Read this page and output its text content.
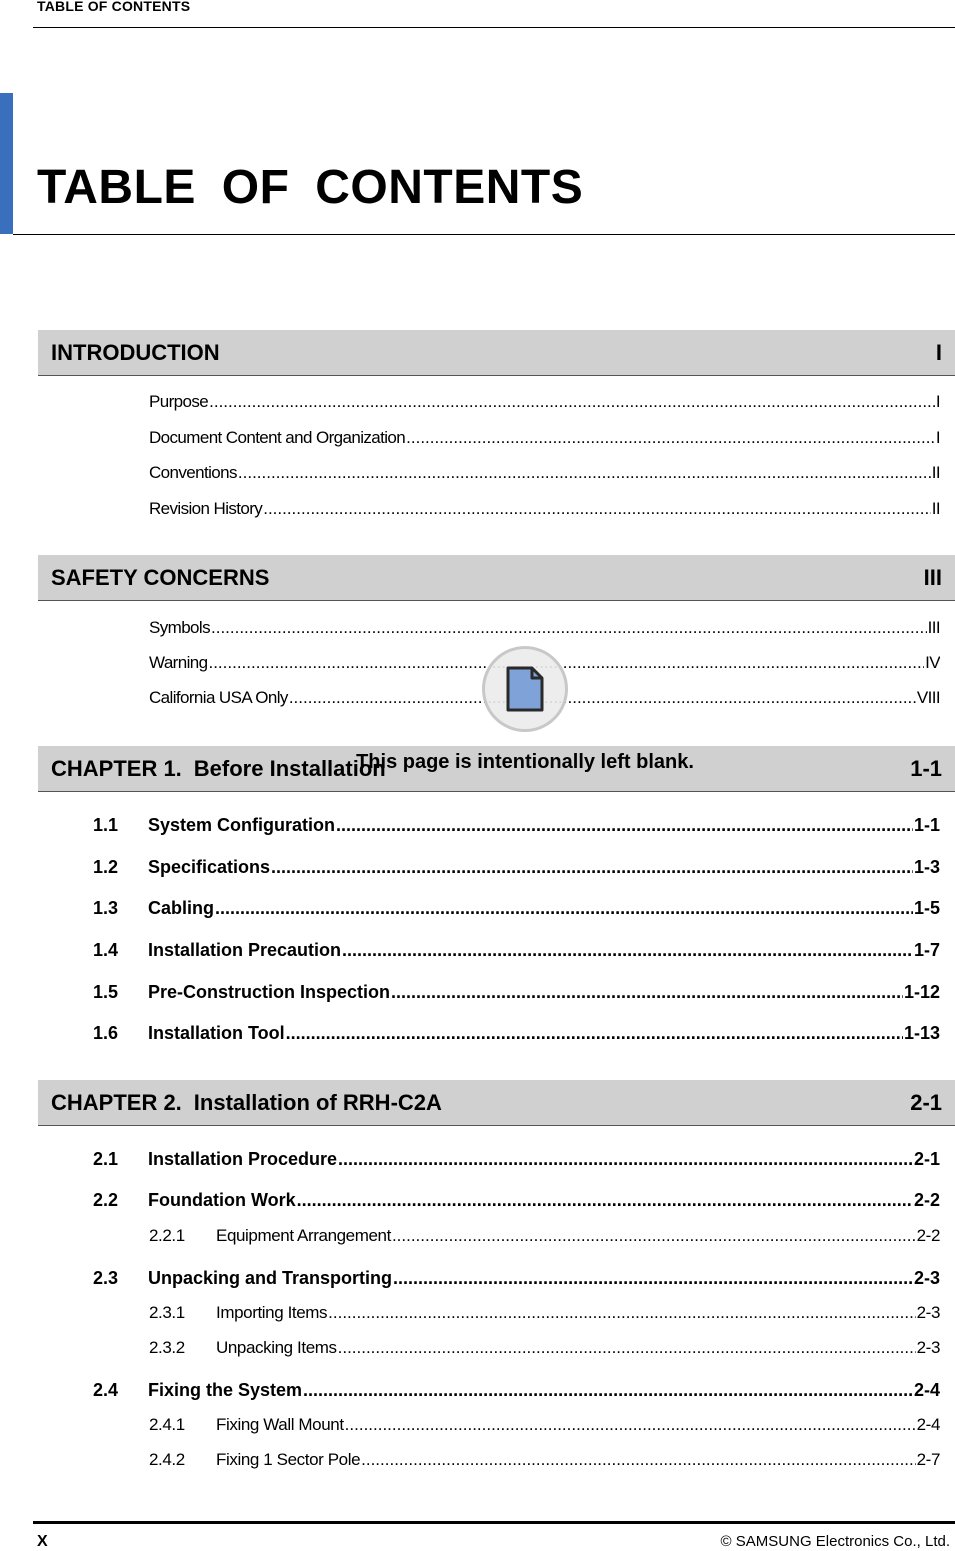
TABLE OF CONTENTS
TABLE OF CONTENTS
INTRODUCTION	I
Purpose .....	I
Document Content and Organization .....	I
Conventions .....	II
Revision History .....	II
SAFETY CONCERNS	III
Symbols .....	III
Warning .....	IV
California USA Only .....	VIII
CHAPTER 1. Before Installation	1-1
1.1 System Configuration .....	1-1
1.2 Specifications .....	1-3
1.3 Cabling .....	1-5
1.4 Installation Precaution .....	1-7
1.5 Pre-Construction Inspection .....	1-12
1.6 Installation Tool .....	1-13
CHAPTER 2. Installation of RRH-C2A	2-1
2.1 Installation Procedure .....	2-1
2.2 Foundation Work .....	2-2
2.2.1 Equipment Arrangement .....	2-2
2.3 Unpacking and Transporting .....	2-3
2.3.1 Importing Items .....	2-3
2.3.2 Unpacking Items .....	2-3
2.4 Fixing the System .....	2-4
2.4.1 Fixing Wall Mount .....	2-4
2.4.2 Fixing 1 Sector Pole .....	2-7
This page is intentionally left blank.
X	© SAMSUNG Electronics Co., Ltd.
